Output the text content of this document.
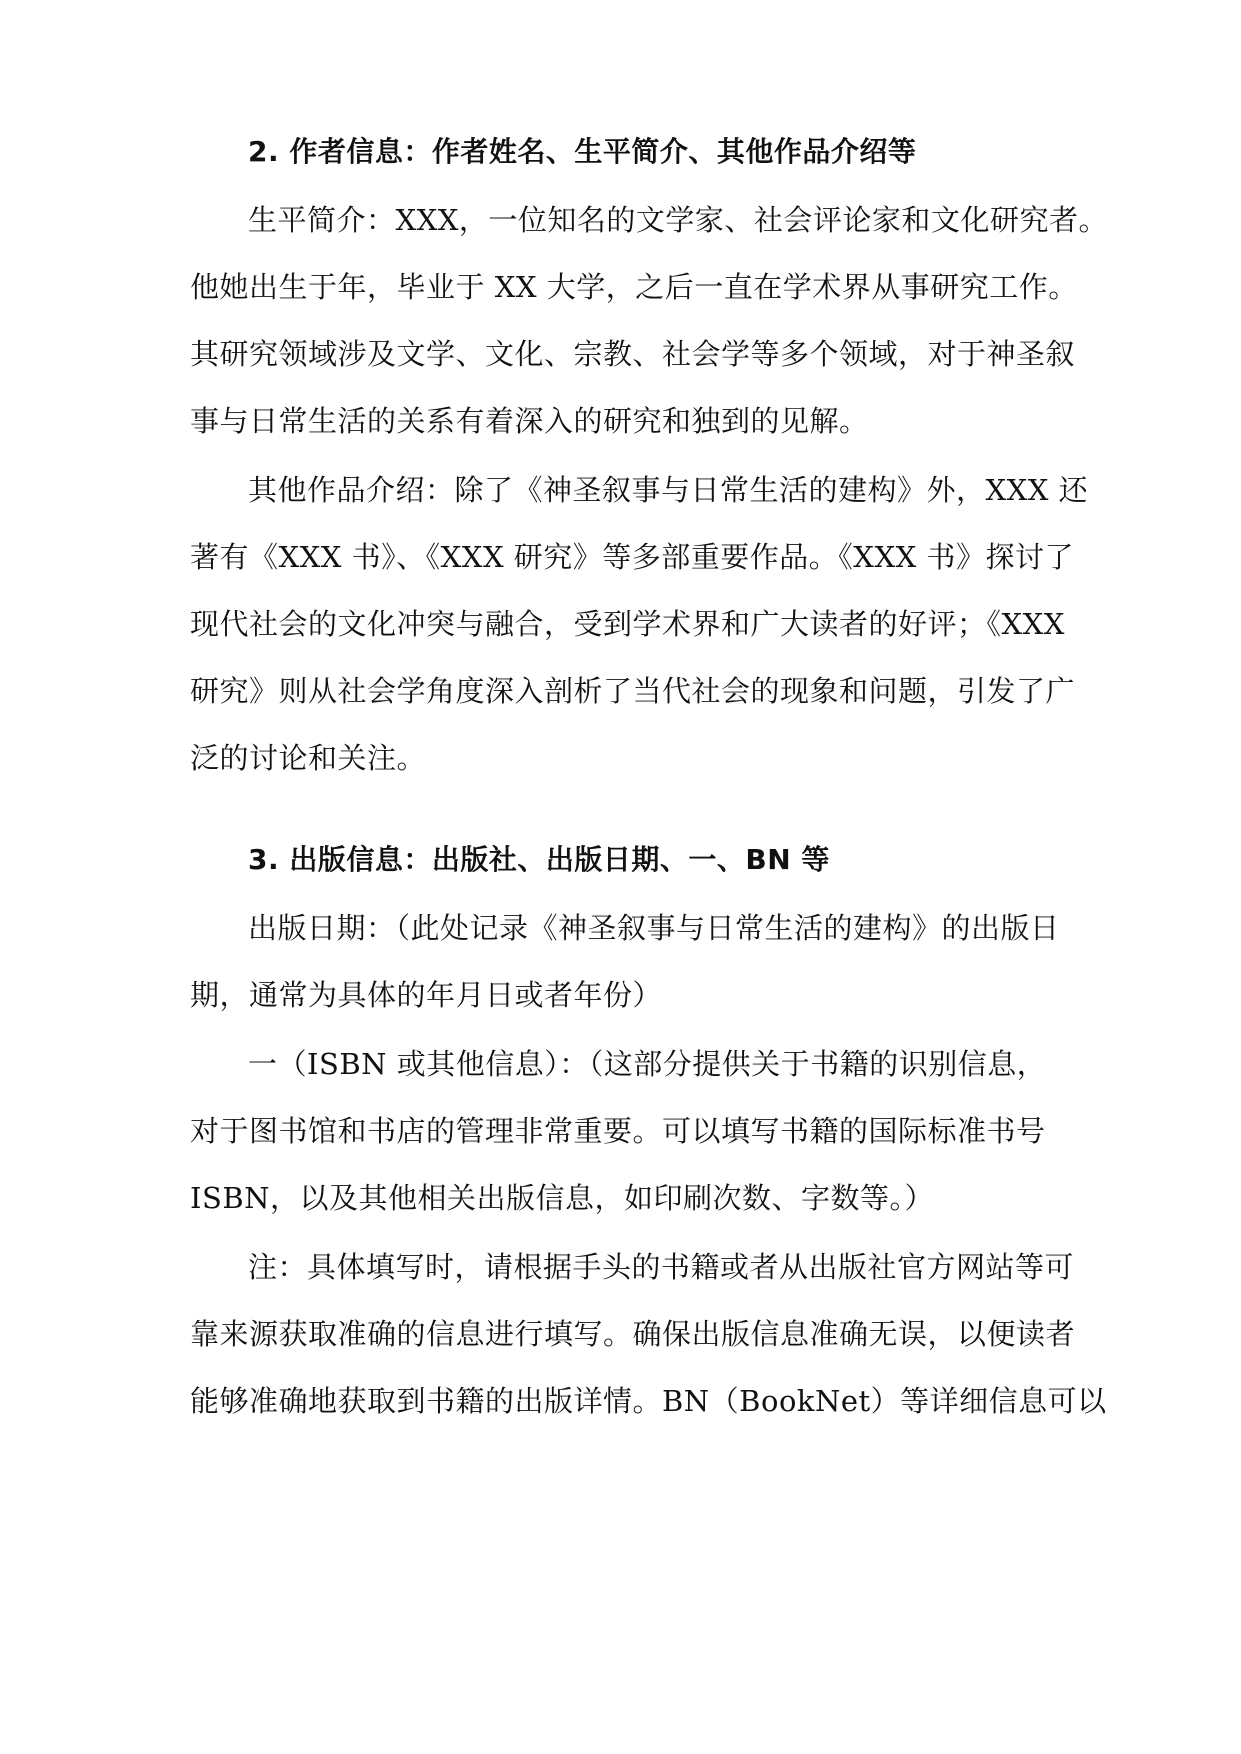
2. 作者信息：作者姓名、生平简介、其他作品介绍等

生平简介：XXX，一位知名的文学家、社会评论家和文化研究者。

他她出生于年，毕业于 XX 大学，之后一直在学术界从事研究工作。

其研究领域涉及文学、文化、宗教、社会学等多个领域，对于神圣叙

事与日常生活的关系有着深入的研究和独到的见解。

其他作品介绍：除了《神圣叙事与日常生活的建构》外，XXX 还

著有《XXX 书》、《XXX 研究》等多部重要作品。《XXX 书》探讨了

现代社会的文化冲突与融合，受到学术界和广大读者的好评；《XXX

研究》则从社会学角度深入剖析了当代社会的现象和问题，引发了广

泛的讨论和关注。

3. 出版信息：出版社、出版日期、一、BN 等

出版日期：（此处记录《神圣叙事与日常生活的建构》的出版日

期，通常为具体的年月日或者年份）

一（ISBN 或其他信息）：（这部分提供关于书籍的识别信息，

对于图书馆和书店的管理非常重要。可以填写书籍的国际标准书号

ISBN，以及其他相关出版信息，如印刷次数、字数等。）

注：具体填写时，请根据手头的书籍或者从出版社官方网站等可

靠来源获取准确的信息进行填写。确保出版信息准确无误，以便读者

能够准确地获取到书籍的出版详情。BN（BookNet）等详细信息可以
